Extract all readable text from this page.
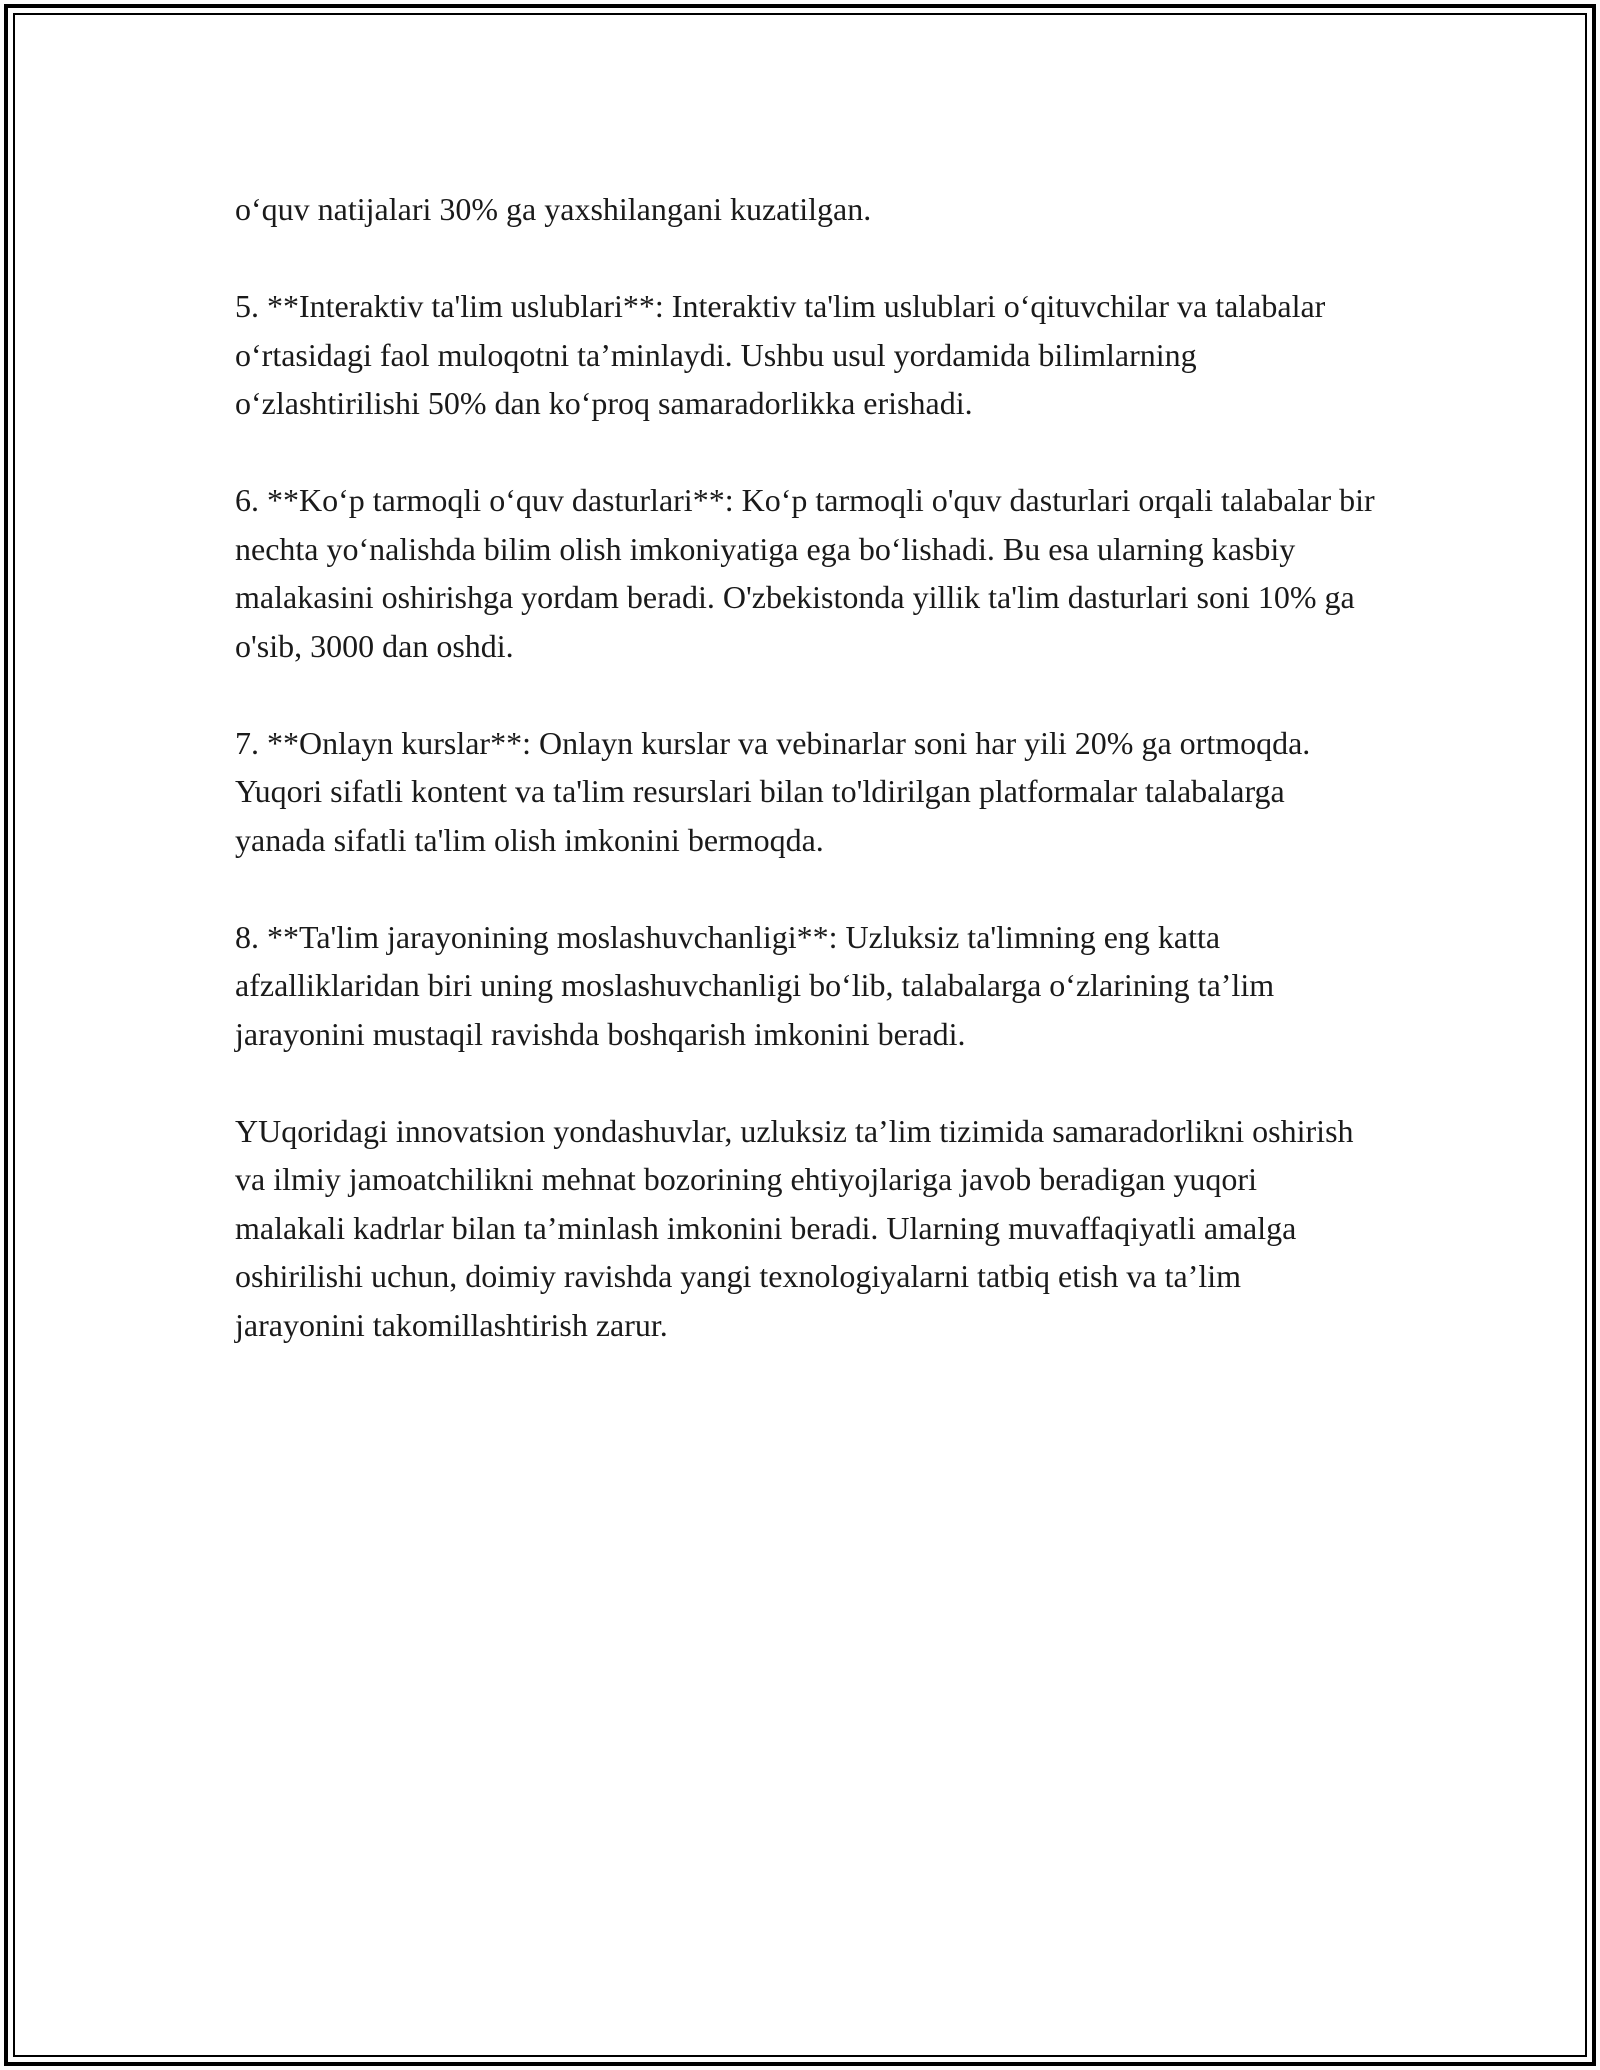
o‘quv natijalari 30% ga yaxshilangani kuzatilgan.

5. **Interaktiv ta'lim uslublari**: Interaktiv ta'lim uslublari o‘qituvchilar va talabalar o‘rtasidagi faol muloqotni ta’minlaydi. Ushbu usul yordamida bilimlarning o‘zlashtirilishi 50% dan ko‘proq samaradorlikka erishadi.

6. **Ko‘p tarmoqli o‘quv dasturlari**: Ko‘p tarmoqli o'quv dasturlari orqali talabalar bir nechta yo‘nalishda bilim olish imkoniyatiga ega bo‘lishadi. Bu esa ularning kasbiy malakasini oshirishga yordam beradi. O'zbekistonda yillik ta'lim dasturlari soni 10% ga o'sib, 3000 dan oshdi.

7. **Onlayn kurslar**: Onlayn kurslar va vebinarlar soni har yili 20% ga ortmoqda. Yuqori sifatli kontent va ta'lim resurslari bilan to'ldirilgan platformalar talabalarga yanada sifatli ta'lim olish imkonini bermoqda.

8. **Ta'lim jarayonining moslashuvchanligi**: Uzluksiz ta'limning eng katta afzalliklaridan biri uning moslashuvchanligi bo‘lib, talabalarga o‘zlarining ta’lim jarayonini mustaqil ravishda boshqarish imkonini beradi.

YUqoridagi innovatsion yondashuvlar, uzluksiz ta’lim tizimida samaradorlikni oshirish va ilmiy jamoatchilikni mehnat bozorining ehtiyojlariga javob beradigan yuqori malakali kadrlar bilan ta’minlash imkonini beradi. Ularning muvaffaqiyatli amalga oshirilishi uchun, doimiy ravishda yangi texnologiyalarni tatbiq etish va ta’lim jarayonini takomillashtirish zarur.
